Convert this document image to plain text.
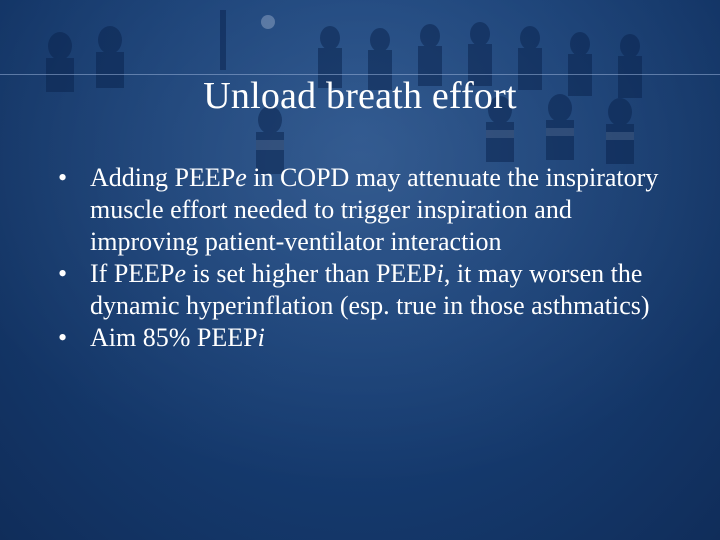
Unload breath effort
• Adding PEEPe in COPD may attenuate the inspiratory muscle effort needed to trigger inspiration and improving patient-ventilator interaction
• If PEEPe is set higher than PEEPi, it may worsen the dynamic hyperinflation (esp. true in those asthmatics)
• Aim 85% PEEPi
